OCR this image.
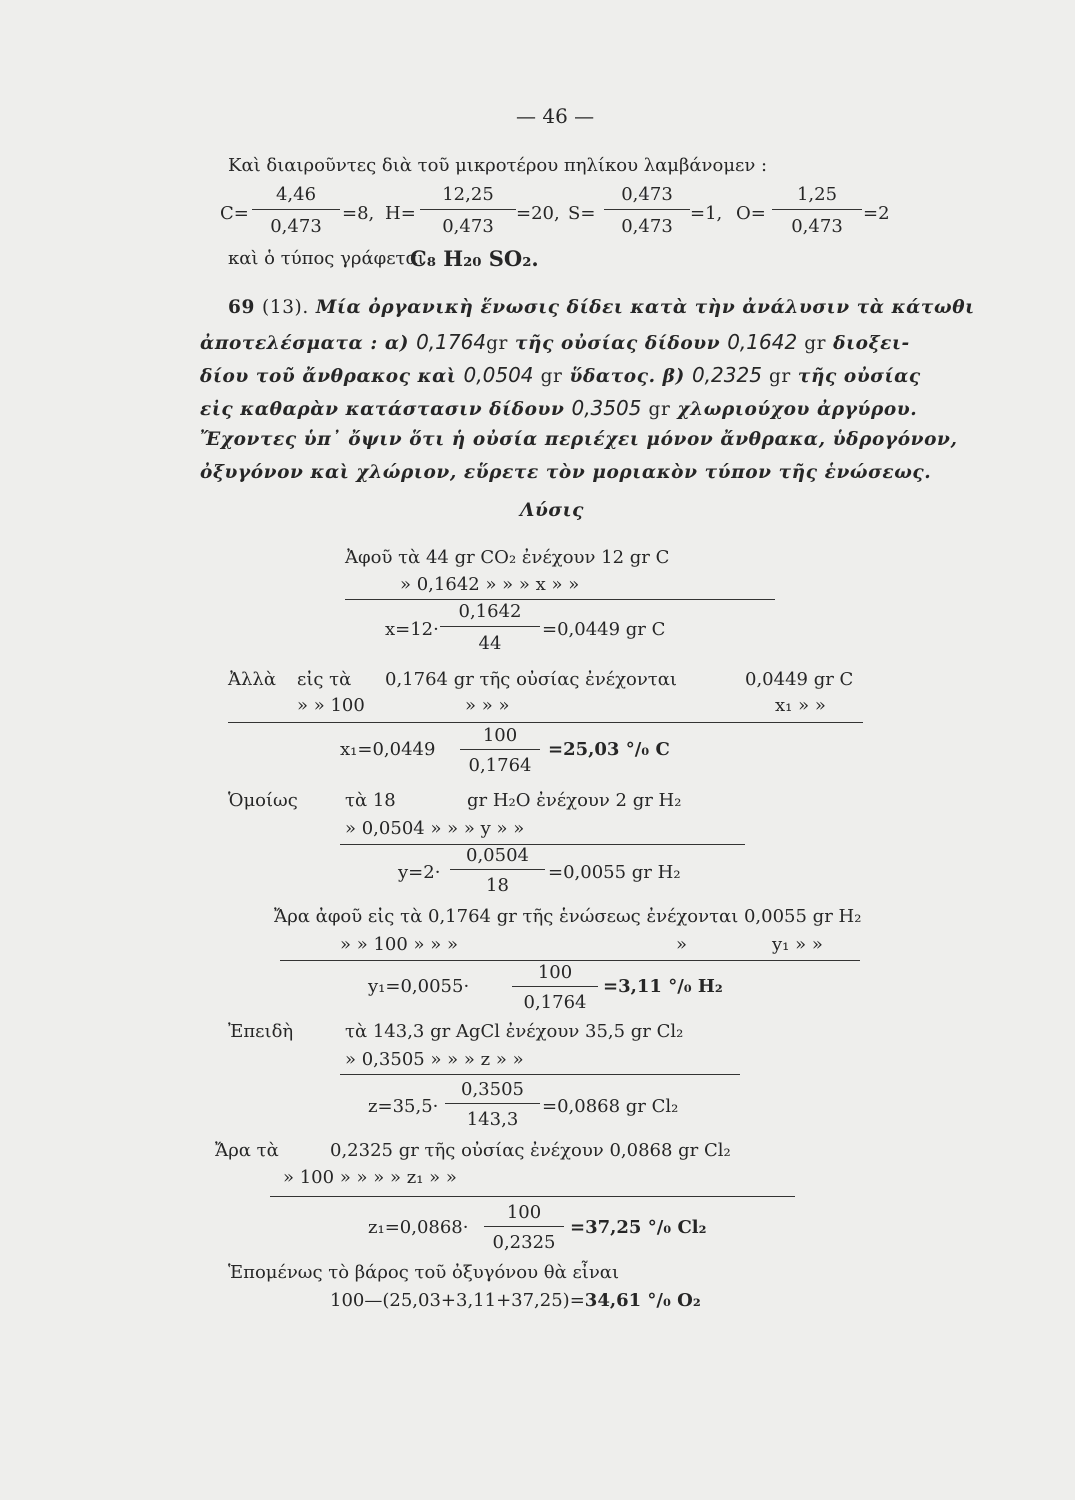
— 46 —
Καὶ διαιροῦντες διὰ τοῦ μικροτέρου πηλίκου λαμβάνομεν :
C=
4,46
0,473
=8, H=
12,25
0,473
=20, S=
0,473
0,473
=1, O=
1,25
0,473
=2
καὶ ὁ τύπος γράφεται
C₈ H₂₀ SO₂.
69 (13). Μία ὀργανικὴ ἕνωσις δίδει κατὰ τὴν ἀνάλυσιν τὰ κάτωθι
ἀποτελέσματα : α) 0,1764gr τῆς οὐσίας δίδουν 0,1642 gr διοξει-
δίου τοῦ ἄνθρακος καὶ 0,0504 gr ὕδατος. β) 0,2325 gr τῆς οὐσίας
εἰς καθαρὰν κατάστασιν δίδουν 0,3505 gr χλωριούχου ἀργύρου.
Ἔχοντες ὑπ᾽ ὄψιν ὅτι ἡ οὐσία περιέχει μόνον ἄνθρακα, ὑδρογόνον,
ὀξυγόνον καὶ χλώριον, εὕρετε τὸν μοριακὸν τύπον τῆς ἑνώσεως.
Λύσις
Ἀφοῦ τὰ 44 gr CO₂ ἐνέχουν 12 gr C
» 0,1642 » » » x » »
x=12·
0,1642
44
=0,0449 gr C
Ἀλλὰ εἰς τὰ 0,1764 gr τῆς οὐσίας ἐνέχονται	0,0449 gr C
» » 100	» » »	x₁ » »
x₁=0,0449
100
0,1764
=25,03 °/₀ C
Ὁμοίως	τὰ 18	gr H₂O ἐνέχουν 2 gr H₂
» 0,0504 » » » y » »
y=2·
0,0504
18
=0,0055 gr H₂
Ἄρα ἀφοῦ εἰς τὰ 0,1764 gr τῆς ἑνώσεως ἐνέχονται 0,0055 gr H₂
» » 100 » » »	»	y₁ » »
y₁=0,0055·
100
0,1764
=3,11 °/₀ H₂
Ἐπειδὴ	τὰ 143,3 gr AgCl ἐνέχουν 35,5 gr Cl₂
» 0,3505 » » » z » »
z=35,5·
0,3505
143,3
=0,0868 gr Cl₂
Ἄρα τὰ	0,2325 gr τῆς οὐσίας ἐνέχουν 0,0868 gr Cl₂
» 100 » » » » z₁ » »
z₁=0,0868·
100
0,2325
=37,25 °/₀ Cl₂
Ἑπομένως τὸ βάρος τοῦ ὀξυγόνου θὰ εἶναι
100—(25,03+3,11+37,25)=34,61 °/₀ O₂
